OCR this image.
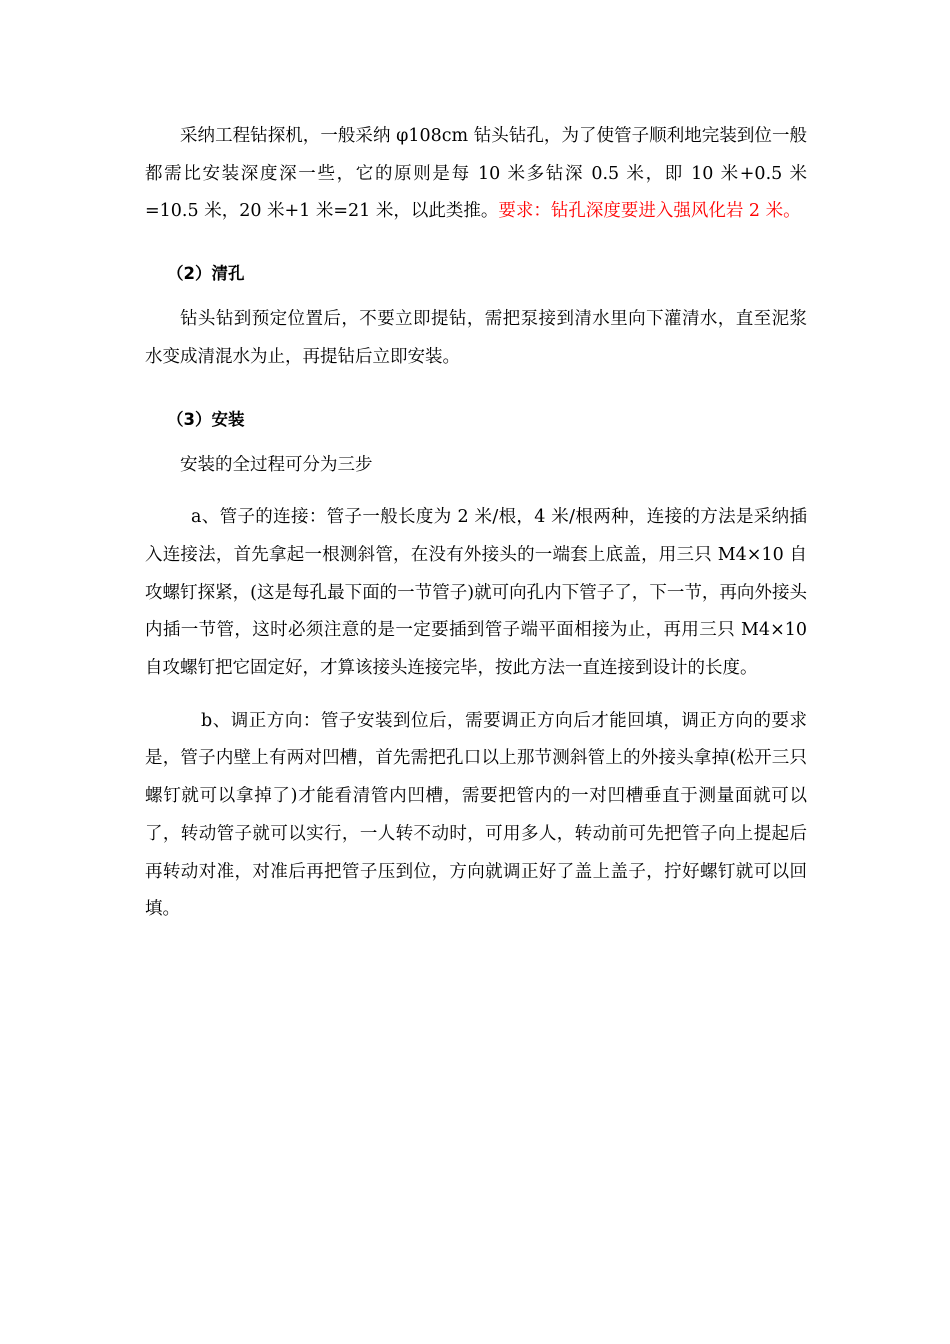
采纳工程钻探机，一般采纳 φ108cm 钻头钻孔，为了使管子顺利地完装到位一般都需比安装深度深一些，它的原则是每 10 米多钻深 0.5 米，即 10 米+0.5 米=10.5 米，20 米+1 米=21 米，以此类推。要求：钻孔深度要进入强风化岩 2 米。

（2）清孔

钻头钻到预定位置后，不要立即提钻，需把泵接到清水里向下灌清水，直至泥浆水变成清混水为止，再提钻后立即安装。

（3）安装

安装的全过程可分为三步

a、管子的连接：管子一般长度为 2 米/根，4 米/根两种，连接的方法是采纳插入连接法，首先拿起一根测斜管，在没有外接头的一端套上底盖，用三只 M4×10 自攻螺钉探紧，(这是每孔最下面的一节管子)就可向孔内下管子了，下一节，再向外接头内插一节管，这时必须注意的是一定要插到管子端平面相接为止，再用三只 M4×10 自攻螺钉把它固定好，才算该接头连接完毕，按此方法一直连接到设计的长度。

b、调正方向：管子安装到位后，需要调正方向后才能回填，调正方向的要求是，管子内壁上有两对凹槽，首先需把孔口以上那节测斜管上的外接头拿掉(松开三只螺钉就可以拿掉了)才能看清管内凹槽，需要把管内的一对凹槽垂直于测量面就可以了，转动管子就可以实行，一人转不动时，可用多人，转动前可先把管子向上提起后再转动对准，对准后再把管子压到位，方向就调正好了盖上盖子，拧好螺钉就可以回填。
